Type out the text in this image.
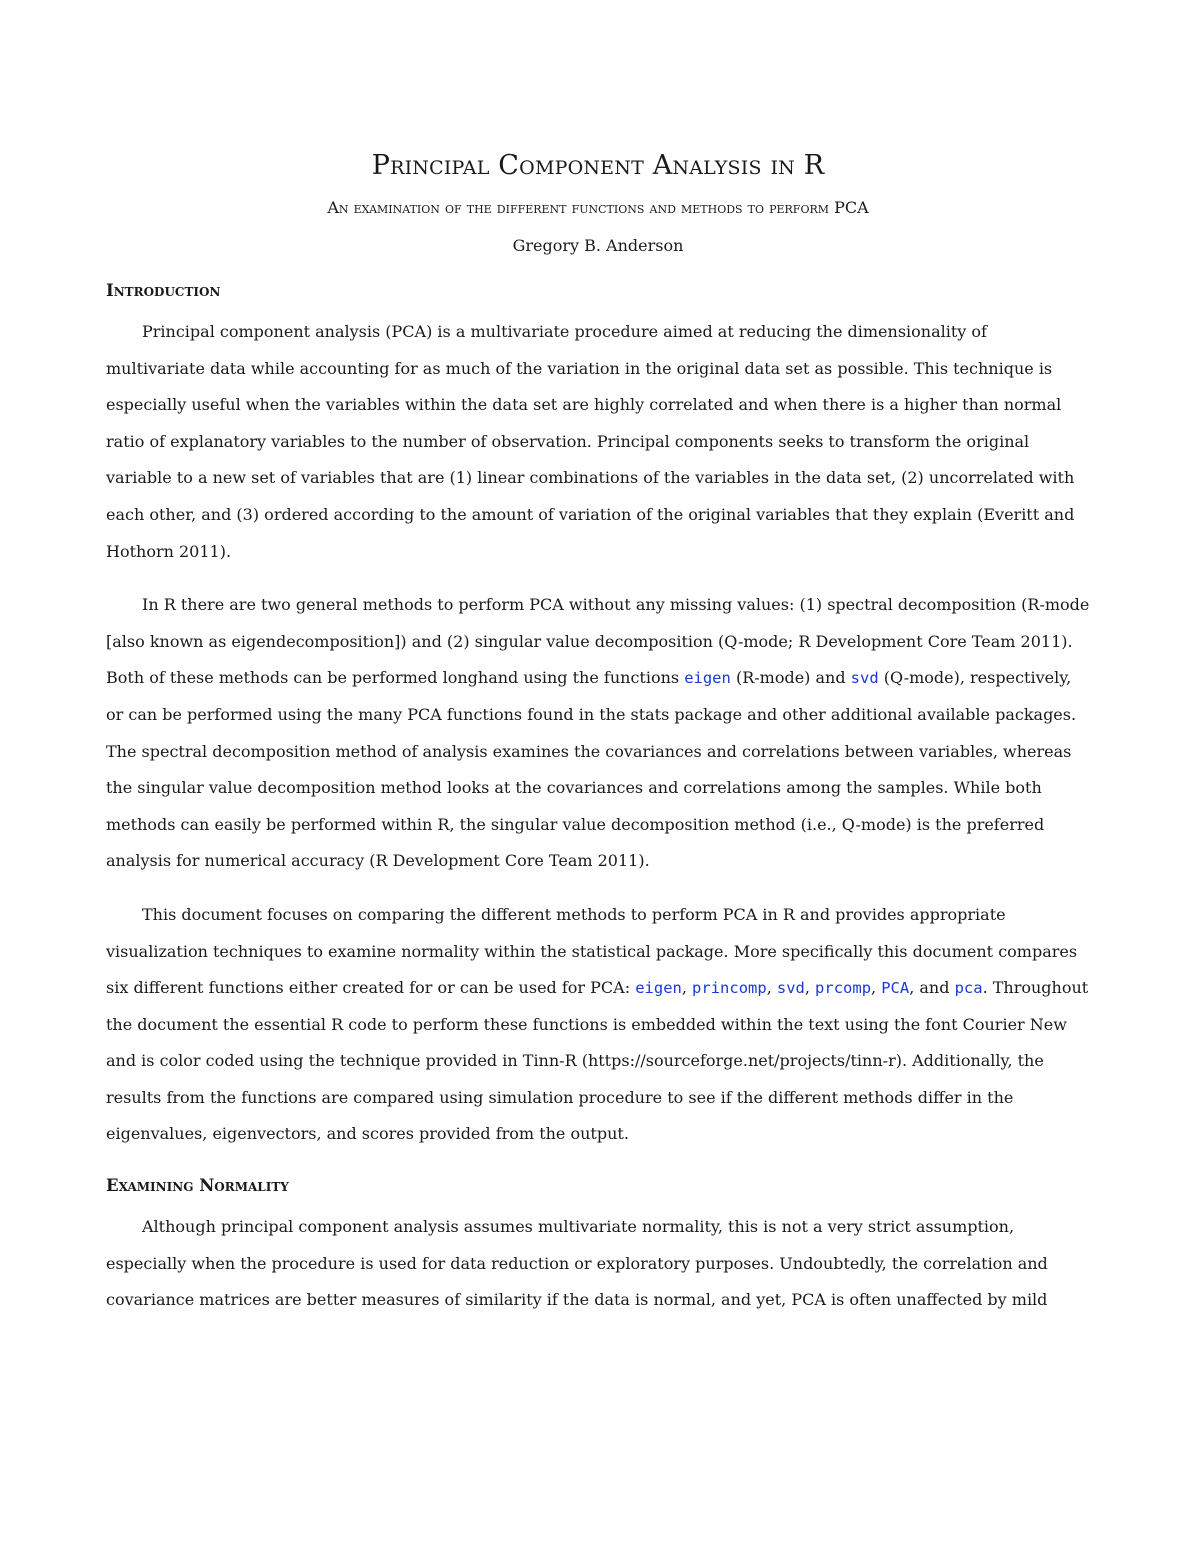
Principal Component Analysis in R
An examination of the different functions and methods to perform PCA
Gregory B. Anderson
Introduction

Principal component analysis (PCA) is a multivariate procedure aimed at reducing the dimensionality of multivariate data while accounting for as much of the variation in the original data set as possible. This technique is especially useful when the variables within the data set are highly correlated and when there is a higher than normal ratio of explanatory variables to the number of observation. Principal components seeks to transform the original variable to a new set of variables that are (1) linear combinations of the variables in the data set, (2) uncorrelated with each other, and (3) ordered according to the amount of variation of the original variables that they explain (Everitt and Hothorn 2011).

In R there are two general methods to perform PCA without any missing values: (1) spectral decomposition (R-mode [also known as eigendecomposition]) and (2) singular value decomposition (Q-mode; R Development Core Team 2011). Both of these methods can be performed longhand using the functions eigen (R-mode) and svd (Q-mode), respectively, or can be performed using the many PCA functions found in the stats package and other additional available packages. The spectral decomposition method of analysis examines the covariances and correlations between variables, whereas the singular value decomposition method looks at the covariances and correlations among the samples. While both methods can easily be performed within R, the singular value decomposition method (i.e., Q-mode) is the preferred analysis for numerical accuracy (R Development Core Team 2011).

This document focuses on comparing the different methods to perform PCA in R and provides appropriate visualization techniques to examine normality within the statistical package. More specifically this document compares six different functions either created for or can be used for PCA: eigen, princomp, svd, prcomp, PCA, and pca. Throughout the document the essential R code to perform these functions is embedded within the text using the font Courier New and is color coded using the technique provided in Tinn-R (https://sourceforge.net/projects/tinn-r). Additionally, the results from the functions are compared using simulation procedure to see if the different methods differ in the eigenvalues, eigenvectors, and scores provided from the output.

Examining Normality

Although principal component analysis assumes multivariate normality, this is not a very strict assumption, especially when the procedure is used for data reduction or exploratory purposes. Undoubtedly, the correlation and covariance matrices are better measures of similarity if the data is normal, and yet, PCA is often unaffected by mild
